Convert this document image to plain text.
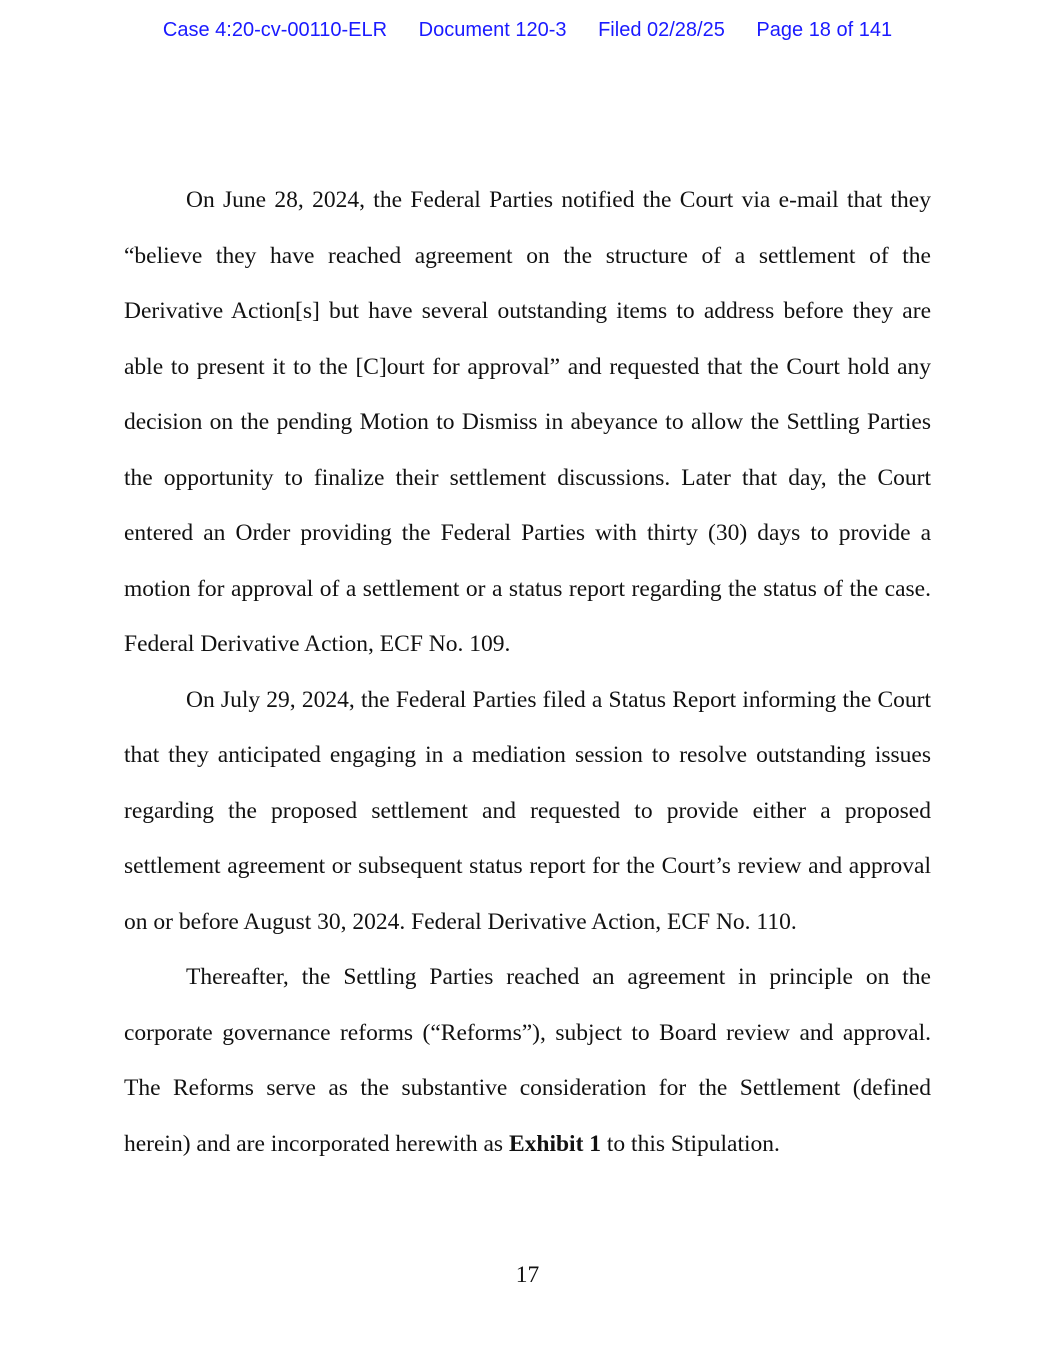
Case 4:20-cv-00110-ELR Document 120-3 Filed 02/28/25 Page 18 of 141

On June 28, 2024, the Federal Parties notified the Court via e-mail that they “believe they have reached agreement on the structure of a settlement of the Derivative Action[s] but have several outstanding items to address before they are able to present it to the [C]ourt for approval” and requested that the Court hold any decision on the pending Motion to Dismiss in abeyance to allow the Settling Parties the opportunity to finalize their settlement discussions. Later that day, the Court entered an Order providing the Federal Parties with thirty (30) days to provide a motion for approval of a settlement or a status report regarding the status of the case. Federal Derivative Action, ECF No. 109.

On July 29, 2024, the Federal Parties filed a Status Report informing the Court that they anticipated engaging in a mediation session to resolve outstanding issues regarding the proposed settlement and requested to provide either a proposed settlement agreement or subsequent status report for the Court’s review and approval on or before August 30, 2024. Federal Derivative Action, ECF No. 110.

Thereafter, the Settling Parties reached an agreement in principle on the corporate governance reforms (“Reforms”), subject to Board review and approval. The Reforms serve as the substantive consideration for the Settlement (defined herein) and are incorporated herewith as Exhibit 1 to this Stipulation.

17
